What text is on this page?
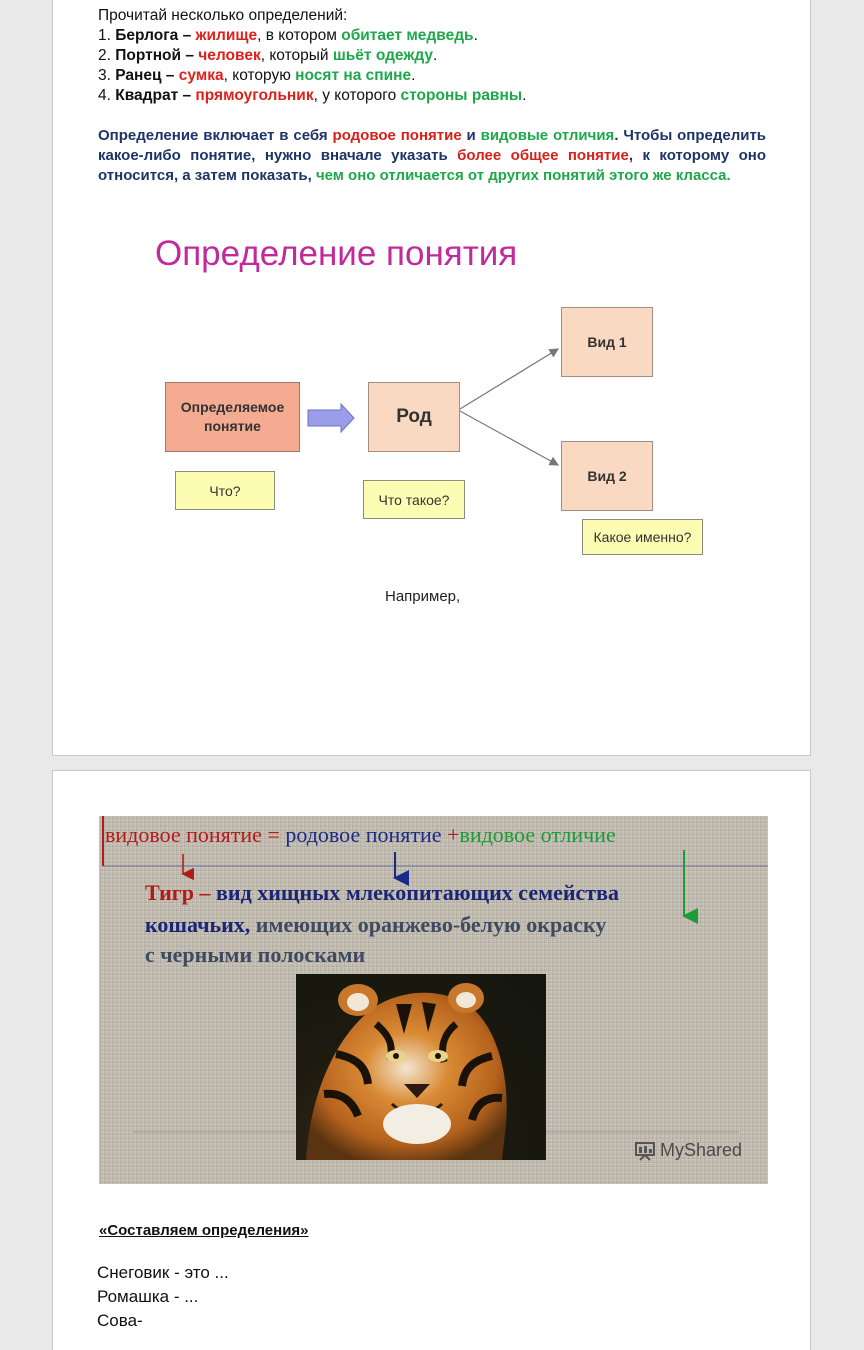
Прочитай несколько определений:
1. Берлога – жилище, в котором обитает медведь.
2. Портной – человек, который шьёт одежду.
3. Ранец – сумка, которую носят на спине.
4. Квадрат – прямоугольник, у которого стороны равны.
Определение включает в себя родовое понятие и видовые отличия. Чтобы определить какое-либо понятие, нужно вначале указать более общее понятие, к которому оно относится, а затем показать, чем оно отличается от других понятий этого же класса.
Определение понятия
Определяемое понятие	Род
Вид 1
Вид 2
Что?
Что такое?
Какое именно?
Например,
видовое понятие = родовое понятие +видовое отличие
Тигр – вид хищных млекопитающих семейства
кошачьих, имеющих оранжево-белую окраску
с черными полосками
MyShared
«Составляем определения»
Снеговик - это ...
Ромашка - ...
Сова-
